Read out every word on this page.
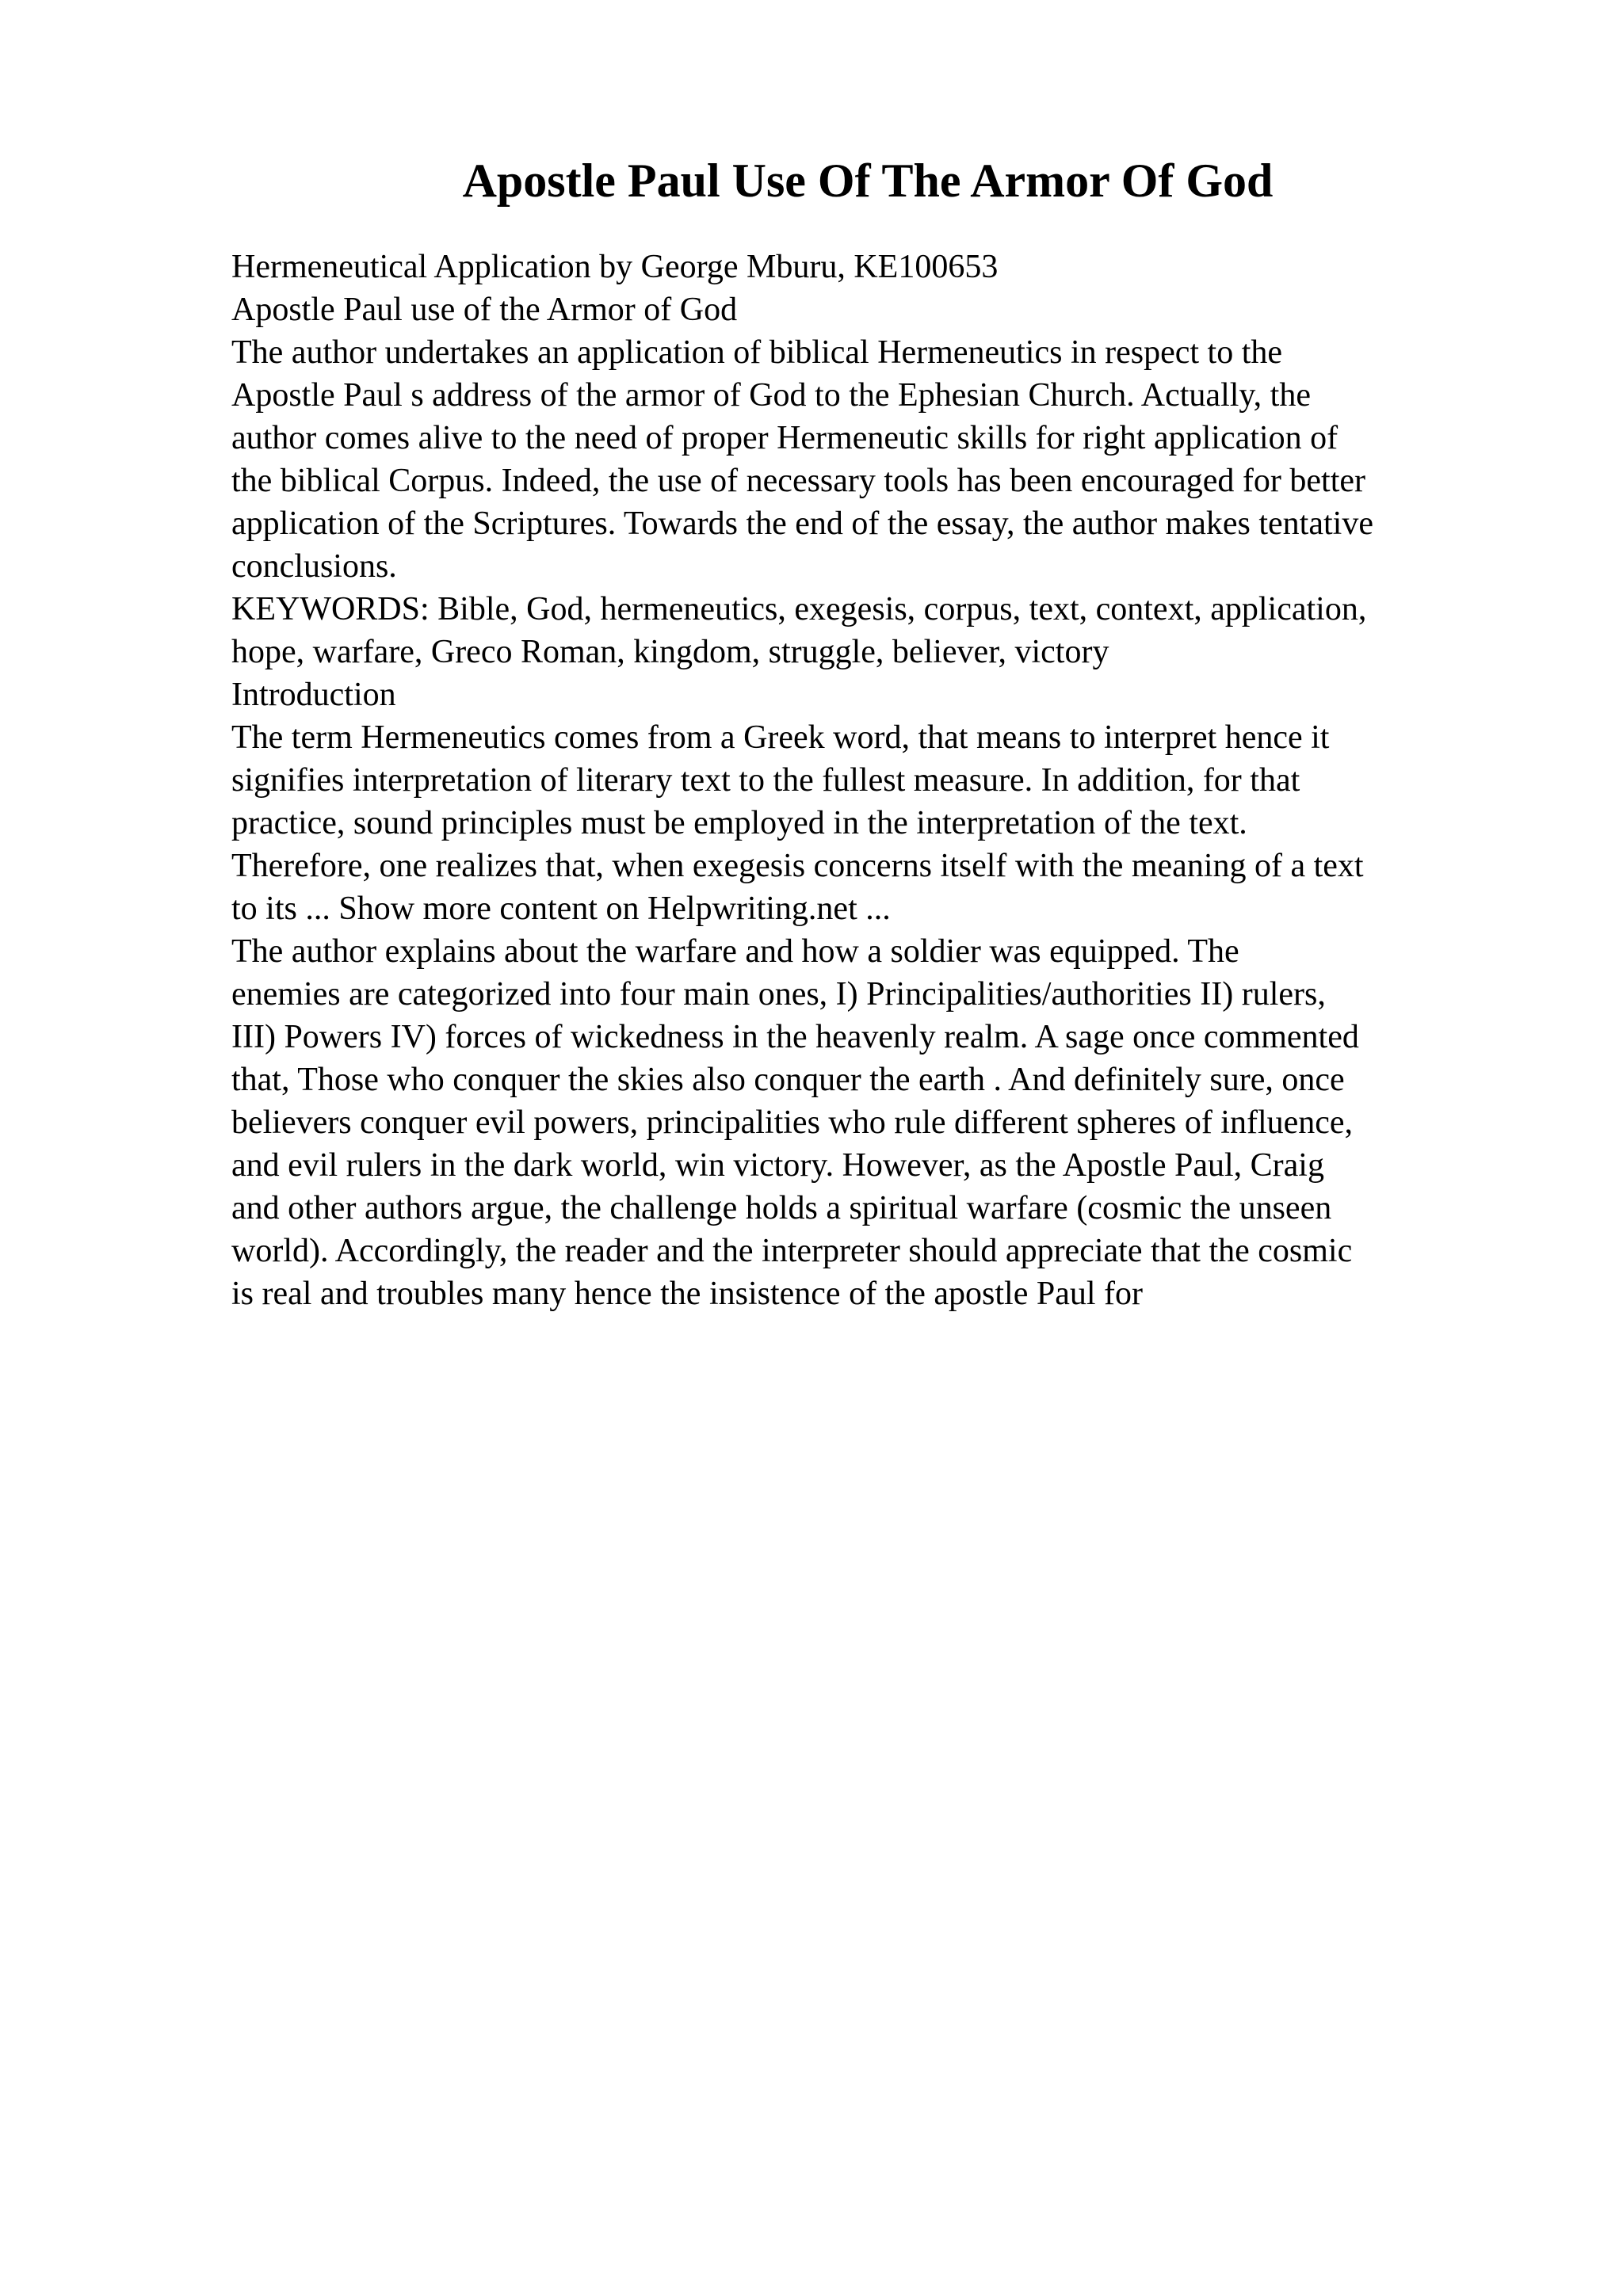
Apostle Paul Use Of The Armor Of God
Hermeneutical Application by George Mburu, KE100653
Apostle Paul use of the Armor of God
The author undertakes an application of biblical Hermeneutics in respect to the
Apostle Paul s address of the armor of God to the Ephesian Church. Actually, the
author comes alive to the need of proper Hermeneutic skills for right application of
the biblical Corpus. Indeed, the use of necessary tools has been encouraged for better
application of the Scriptures. Towards the end of the essay, the author makes tentative
conclusions.
KEYWORDS: Bible, God, hermeneutics, exegesis, corpus, text, context, application,
hope, warfare, Greco Roman, kingdom, struggle, believer, victory
Introduction
The term Hermeneutics comes from a Greek word, that means to interpret hence it
signifies interpretation of literary text to the fullest measure. In addition, for that
practice, sound principles must be employed in the interpretation of the text.
Therefore, one realizes that, when exegesis concerns itself with the meaning of a text
to its ... Show more content on Helpwriting.net ...
The author explains about the warfare and how a soldier was equipped. The
enemies are categorized into four main ones, I) Principalities/authorities II) rulers,
III) Powers IV) forces of wickedness in the heavenly realm. A sage once commented
that, Those who conquer the skies also conquer the earth . And definitely sure, once
believers conquer evil powers, principalities who rule different spheres of influence,
and evil rulers in the dark world, win victory. However, as the Apostle Paul, Craig
and other authors argue, the challenge holds a spiritual warfare (cosmic the unseen
world). Accordingly, the reader and the interpreter should appreciate that the cosmic
is real and troubles many hence the insistence of the apostle Paul for
